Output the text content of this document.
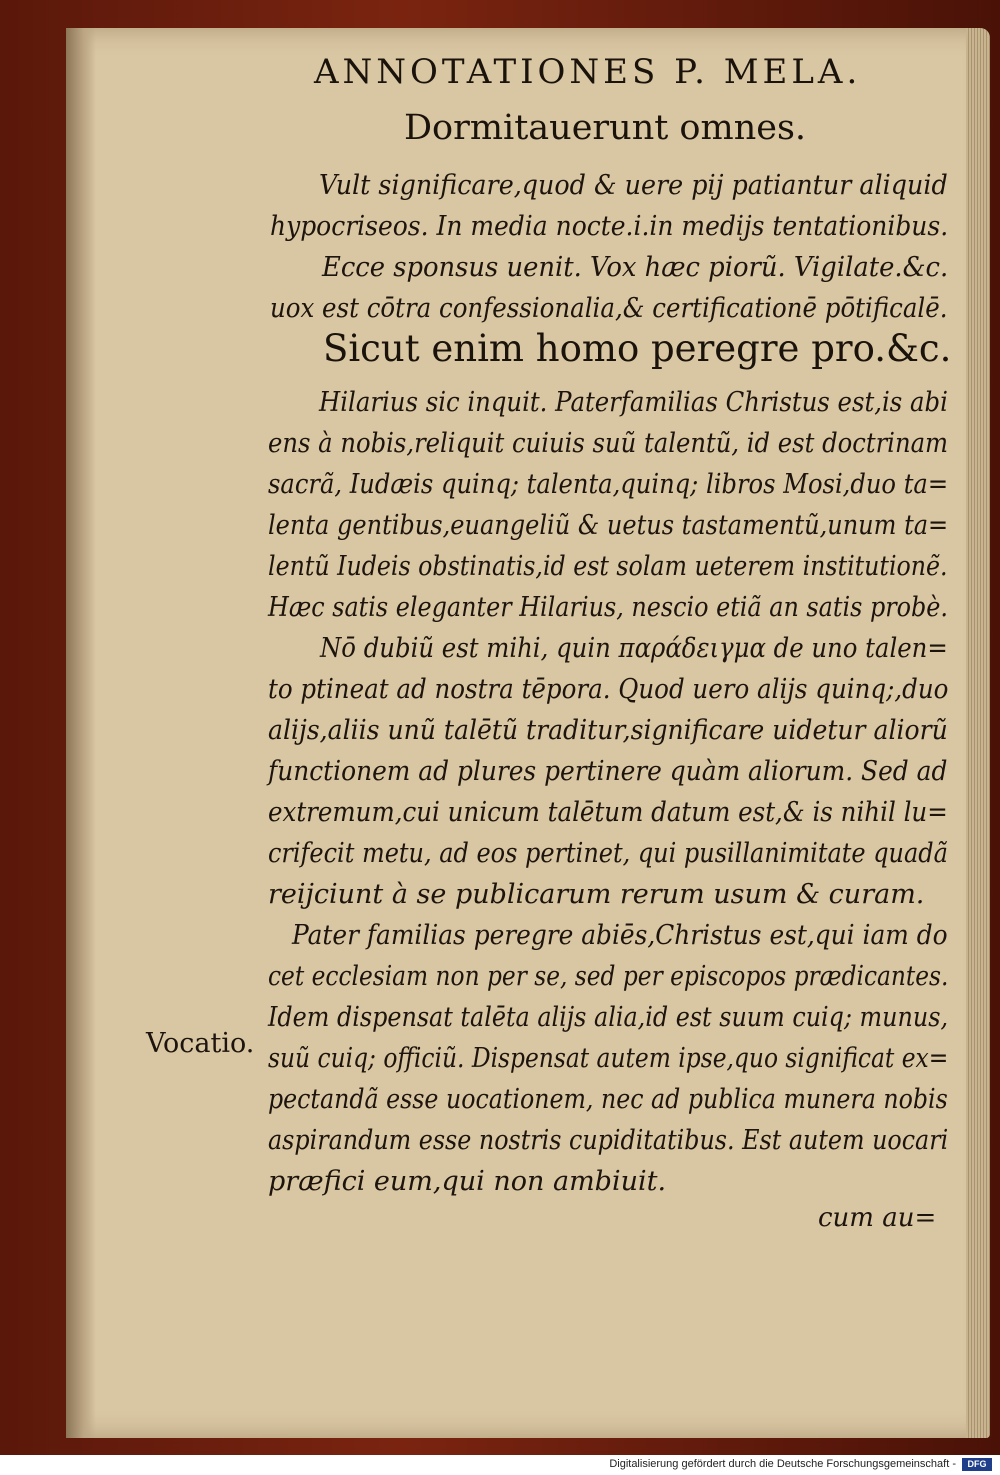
ANNOTATIONES P. MELA.
Dormitauerunt omnes.
Vult significare,quod & uere pij patiantur aliquid
hypocriseos. In media nocte.i.in medijs tentationibus.
Ecce sponsus uenit. Vox hæc piorũ. Vigilate.&c.
uox est cōtra confessionalia,& certificationē pōtificalē.
Sicut enim homo peregre pro.&c.
Hilarius sic inquit. Paterfamilias Christus est,is abi
ens à nobis,reliquit cuiuis suũ talentũ, id est doctrinam
sacrã, Iudæis quinq; talenta,quinq; libros Mosi,duo ta=
lenta gentibus,euangeliũ & uetus tastamentũ,unum ta=
lentũ Iudeis obstinatis,id est solam ueterem institutionẽ.
Hæc satis eleganter Hilarius, nescio etiã an satis probè.
Nō dubiũ est mihi, quin παράδειγμα de uno talen=
to ptineat ad nostra tēpora. Quod uero alijs quinq;,duo
alijs,aliis unũ talētũ traditur,significare uidetur aliorũ
functionem ad plures pertinere quàm aliorum. Sed ad
extremum,cui unicum talētum datum est,& is nihil lu=
crifecit metu, ad eos pertinet, qui pusillanimitate quadã
reijciunt à se publicarum rerum usum & curam.
Pater familias peregre abiēs,Christus est,qui iam do
cet ecclesiam non per se, sed per episcopos prædicantes.
Idem dispensat talēta alijs alia,id est suum cuiq; munus,
suũ cuiq; officiũ. Dispensat autem ipse,quo significat ex=
pectandã esse uocationem, nec ad publica munera nobis
aspirandum esse nostris cupiditatibus. Est autem uocari
præfici eum,qui non ambiuit.
Vocatio.
cum au=
Digitalisierung gefördert durch die Deutsche Forschungsgemeinschaft -	DFG
